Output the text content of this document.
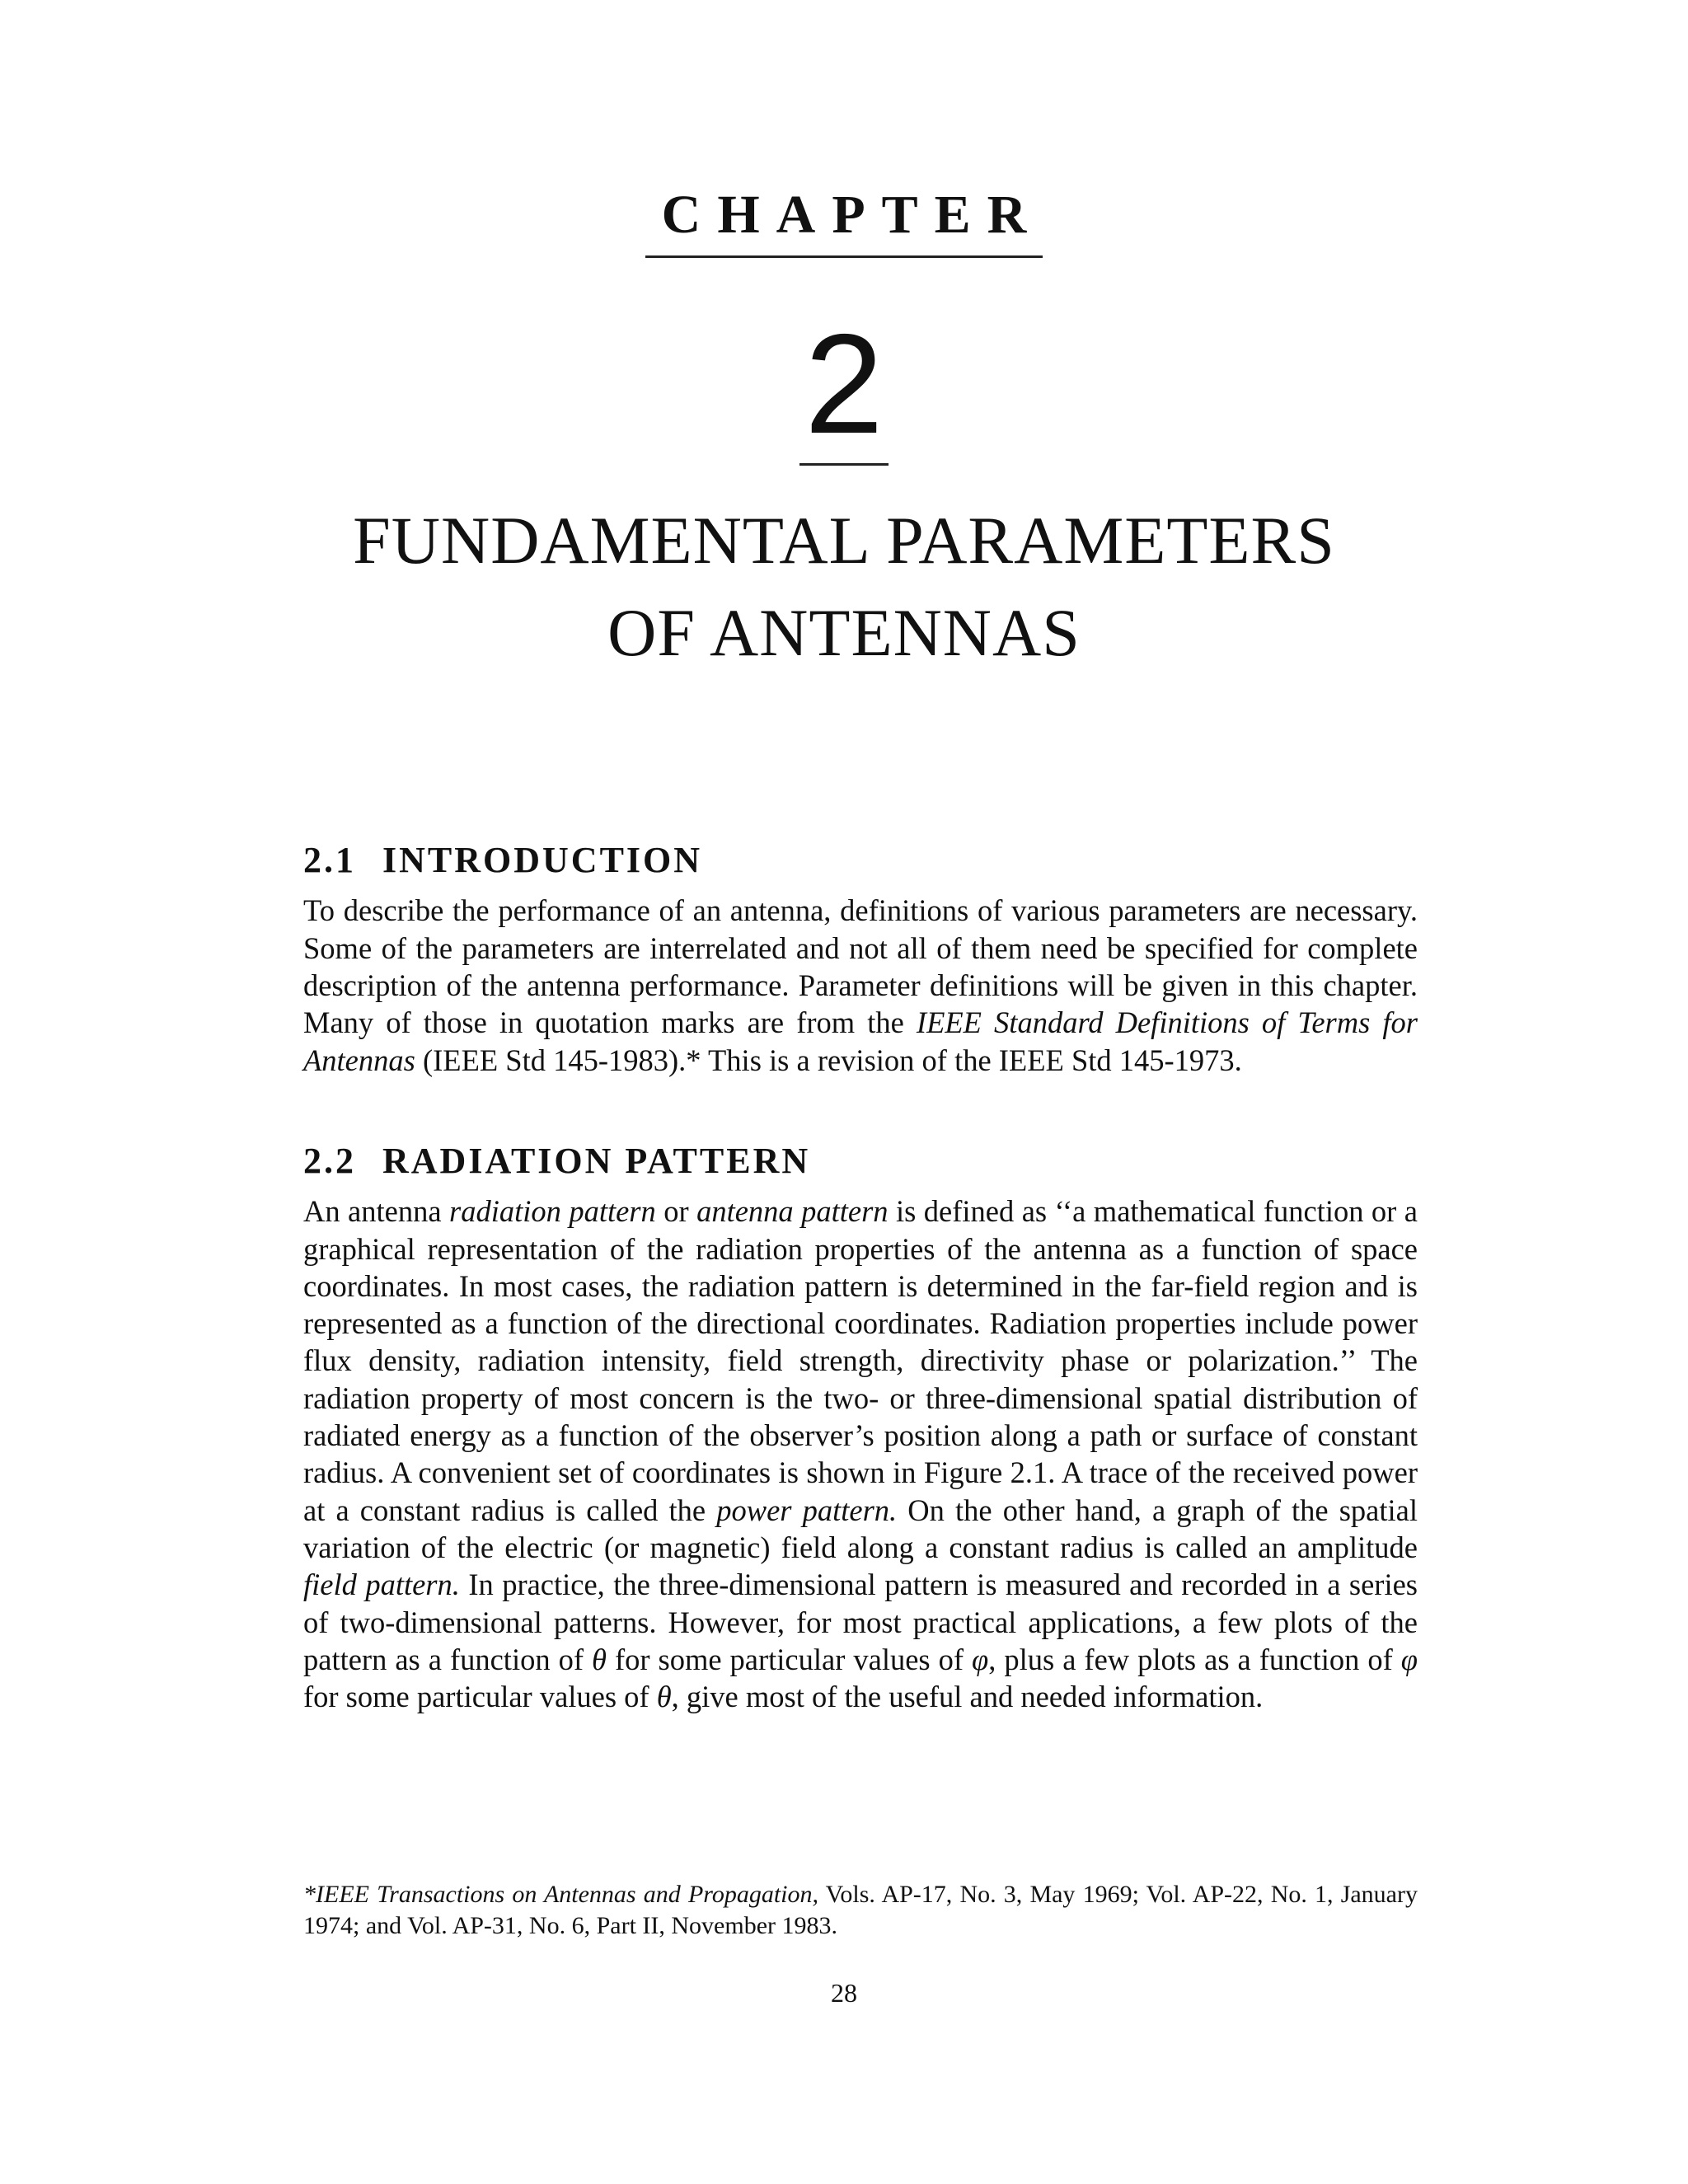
CHAPTER
2
FUNDAMENTAL PARAMETERS
OF ANTENNAS
2.1 INTRODUCTION

To describe the performance of an antenna, definitions of various parameters are necessary. Some of the parameters are interrelated and not all of them need be specified for complete description of the antenna performance. Parameter definitions will be given in this chapter. Many of those in quotation marks are from the IEEE Standard Definitions of Terms for Antennas (IEEE Std 145-1983).* This is a revision of the IEEE Std 145-1973.

2.2 RADIATION PATTERN

An antenna radiation pattern or antenna pattern is defined as ‘‘a mathematical function or a graphical representation of the radiation properties of the antenna as a function of space coordinates. In most cases, the radiation pattern is determined in the far-field region and is represented as a function of the directional coordinates. Radiation properties include power flux density, radiation intensity, field strength, directivity phase or polarization.’’ The radiation property of most concern is the two- or three-dimensional spatial distribution of radiated energy as a function of the observer’s position along a path or surface of constant radius. A convenient set of coordinates is shown in Figure 2.1. A trace of the received power at a constant radius is called the power pattern. On the other hand, a graph of the spatial variation of the electric (or magnetic) field along a constant radius is called an amplitude field pattern. In practice, the three-dimensional pattern is measured and recorded in a series of two-dimensional patterns. However, for most practical applications, a few plots of the pattern as a function of θ for some particular values of φ, plus a few plots as a function of φ for some particular values of θ, give most of the useful and needed information.

*IEEE Transactions on Antennas and Propagation, Vols. AP-17, No. 3, May 1969; Vol. AP-22, No. 1, January 1974; and Vol. AP-31, No. 6, Part II, November 1983.
28
